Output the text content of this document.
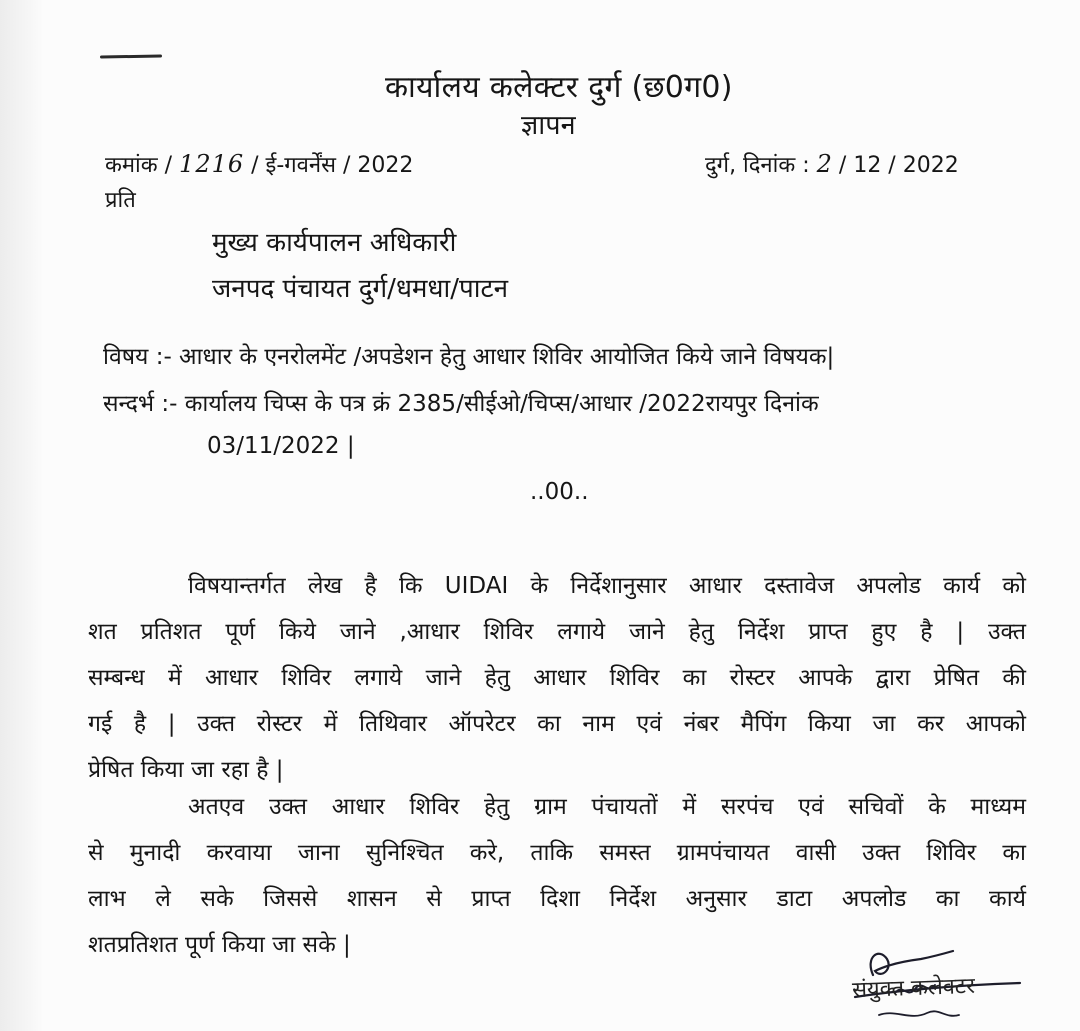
कार्यालय कलेक्टर दुर्ग (छ0ग0)
ज्ञापन
कमांक / 1216 / ई-गवर्नेंस / 2022	दुर्ग, दिनांक : 2 / 12 / 2022
प्रति
मुख्य कार्यपालन अधिकारी
जनपद पंचायत दुर्ग/धमधा/पाटन
विषय :- आधार के एनरोलमेंट /अपडेशन हेतु आधार शिविर आयोजित किये जाने विषयक|
सन्दर्भ :- कार्यालय चिप्स के पत्र क्रं 2385/सीईओ/चिप्स/आधार /2022रायपुर दिनांक
03/11/2022 |
..00..
विषयान्तर्गत लेख है कि UIDAI के निर्देशानुसार आधार दस्तावेज अपलोड कार्य को
शत प्रतिशत पूर्ण किये जाने ,आधार शिविर लगाये जाने हेतु निर्देश प्राप्त हुए है | उक्त
सम्बन्ध में आधार शिविर लगाये जाने हेतु आधार शिविर का रोस्टर आपके द्वारा प्रेषित की
गई है | उक्त रोस्टर में तिथिवार ऑपरेटर का नाम एवं नंबर मैपिंग किया जा कर आपको
प्रेषित किया जा रहा है |
अतएव उक्त आधार शिविर हेतु ग्राम पंचायतों में सरपंच एवं सचिवों के माध्यम
से मुनादी करवाया जाना सुनिश्चित करे, ताकि समस्त ग्रामपंचायत वासी उक्त शिविर का
लाभ ले सके जिससे शासन से प्राप्त दिशा निर्देश अनुसार डाटा अपलोड का कार्य
शतप्रतिशत पूर्ण किया जा सके |
संयुक्त कलेक्टर
